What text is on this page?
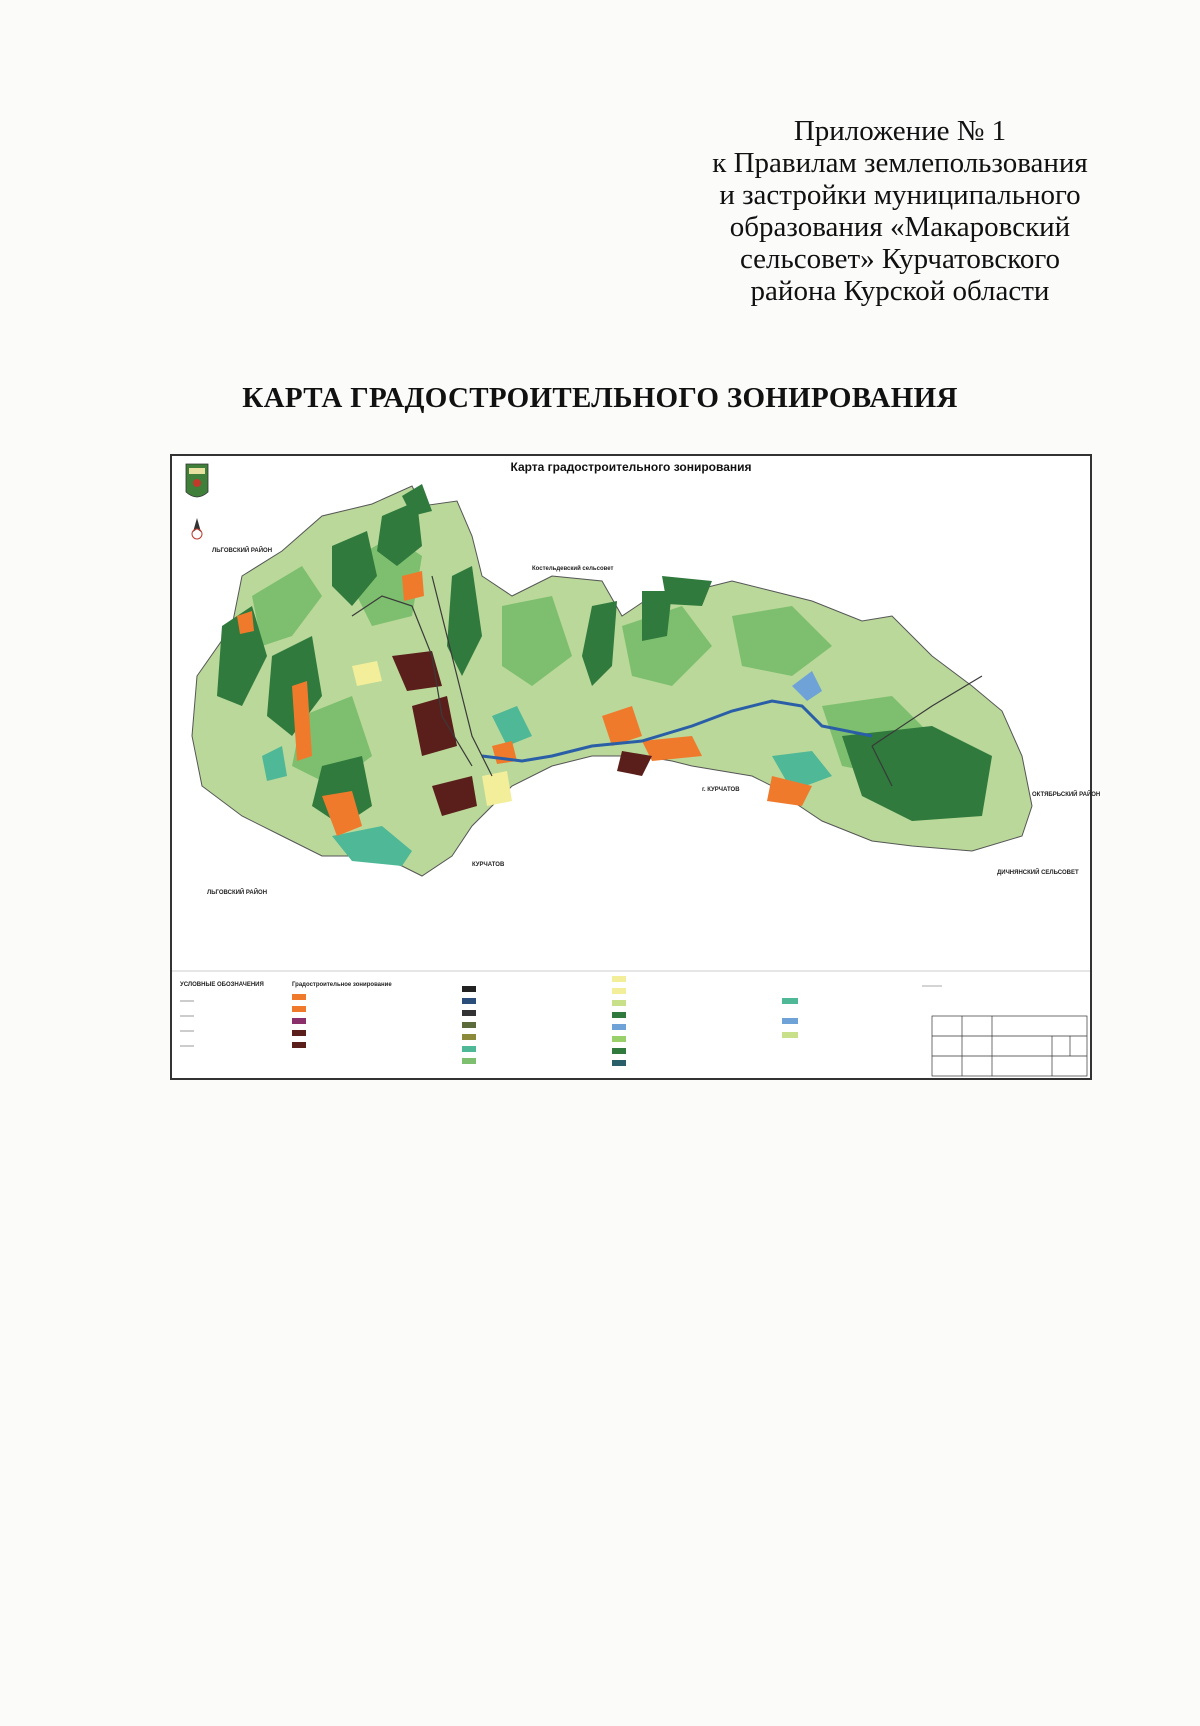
Приложение № 1
к Правилам землепользования
и застройки муниципального
образования «Макаровский
сельсовет» Курчатовского
района Курской области
КАРТА ГРАДОСТРОИТЕЛЬНОГО ЗОНИРОВАНИЯ
ЛЬГОВСКИЙ РАЙОН
ЛЬГОВСКИЙ РАЙОН
Костельдевский сельсовет
КУРЧАТОВ
г. КУРЧАТОВ
ОКТЯБРЬСКИЙ РАЙОН
ДИЧНЯНСКИЙ СЕЛЬСОВЕТ
УСЛОВНЫЕ ОБОЗНАЧЕНИЯ	Градостроительное зонирование
Карта градостроительного зонирования
